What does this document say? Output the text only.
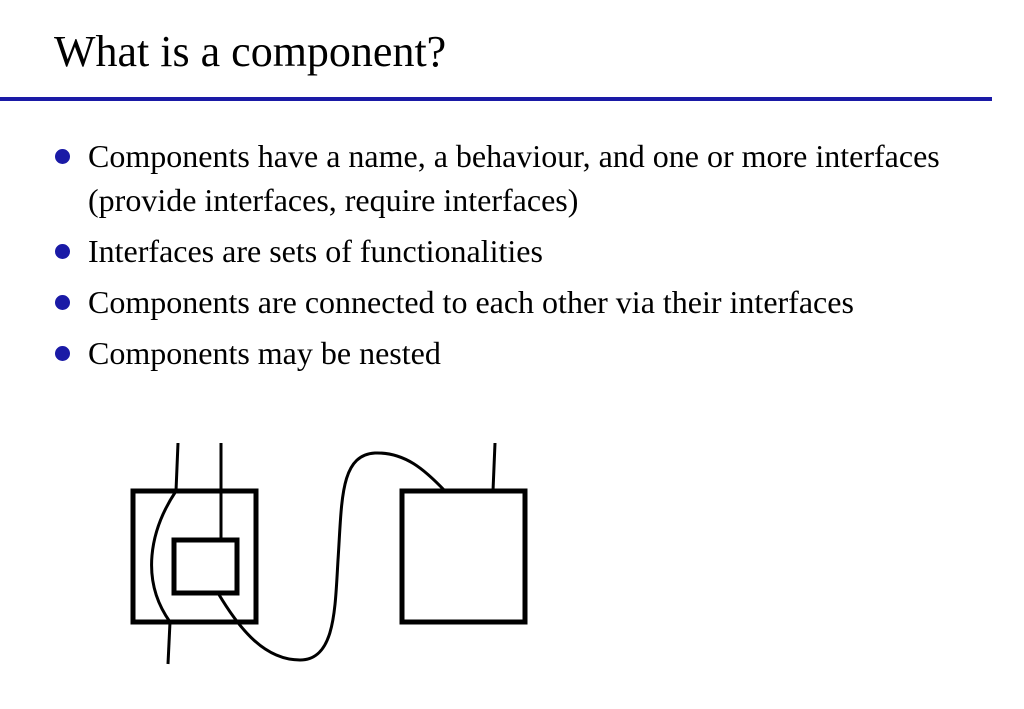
What is a component?
Components have a name, a behaviour, and one or more interfaces (provide interfaces, require interfaces)
Interfaces are sets of functionalities
Components are connected to each other via their interfaces
Components may be nested
